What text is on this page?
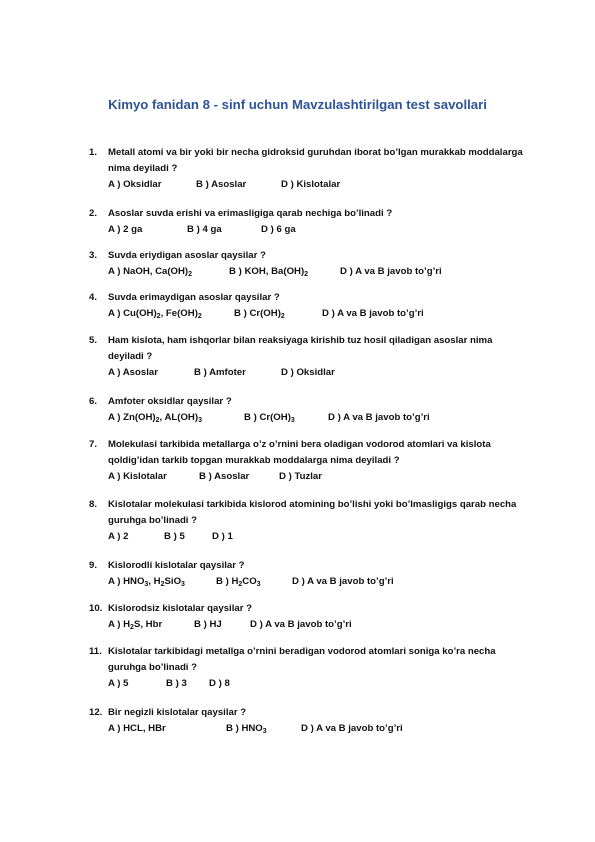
Kimyo fanidan 8 - sinf uchun Mavzulashtirilgan test savollari
1. Metall atomi va bir yoki bir necha gidroksid guruhdan iborat bo’lgan murakkab moddalarga nima deyiladi ?
A ) Oksidlar	B ) Asoslar	D ) Kislotalar
2. Asoslar suvda erishi va erimasligiga qarab nechiga bo’linadi ?
A ) 2 ga	B ) 4 ga	D ) 6 ga
3. Suvda eriydigan asoslar qaysilar ?
A ) NaOH, $Ca(OH)_2$	B ) KOH, $Ba(OH)_2$	D ) A va B javob to’g’ri
4. Suvda erimaydigan asoslar qaysilar ?
A ) $Cu(OH)_2$, $Fe(OH)_2$	B ) $Cr(OH)_2$	D ) A va B javob to’g’ri
5. Ham kislota, ham ishqorlar bilan reaksiyaga kirishib tuz hosil qiladigan asoslar nima deyiladi ?
A ) Asoslar	B ) Amfoter	D ) Oksidlar
6. Amfoter oksidlar qaysilar ?
A ) $Zn(OH)_2$, $AL(OH)_3$	B ) $Cr(OH)_3$	D ) A va B javob to’g’ri
7. Molekulasi tarkibida metallarga o’z o’rnini bera oladigan vodorod atomlari va kislota qoldig’idan tarkib topgan murakkab moddalarga nima deyiladi ?
A ) Kislotalar	B ) Asoslar	D ) Tuzlar
8. Kislotalar molekulasi tarkibida kislorod atomining bo’lishi yoki bo’lmasligigs qarab necha guruhga bo’linadi ?
A ) 2	B ) 5	D ) 1
9. Kislorodli kislotalar qaysilar ?
A ) $HNO_3$, $H_2SiO_3$	B ) $H_2CO_3$	D ) A va B javob to’g’ri
10. Kislorodsiz kislotalar qaysilar ?
A ) $H_2S$, Hbr	B ) HJ	D ) A va B javob to’g’ri
11. Kislotalar tarkibidagi metallga o’rnini beradigan vodorod atomlari soniga ko’ra necha guruhga bo’linadi ?
A ) 5	B ) 3 D ) 8
12. Bir negizli kislotalar qaysilar ?
A ) HCL, HBr	B ) $HNO_3$	D ) A va B javob to’g’ri
